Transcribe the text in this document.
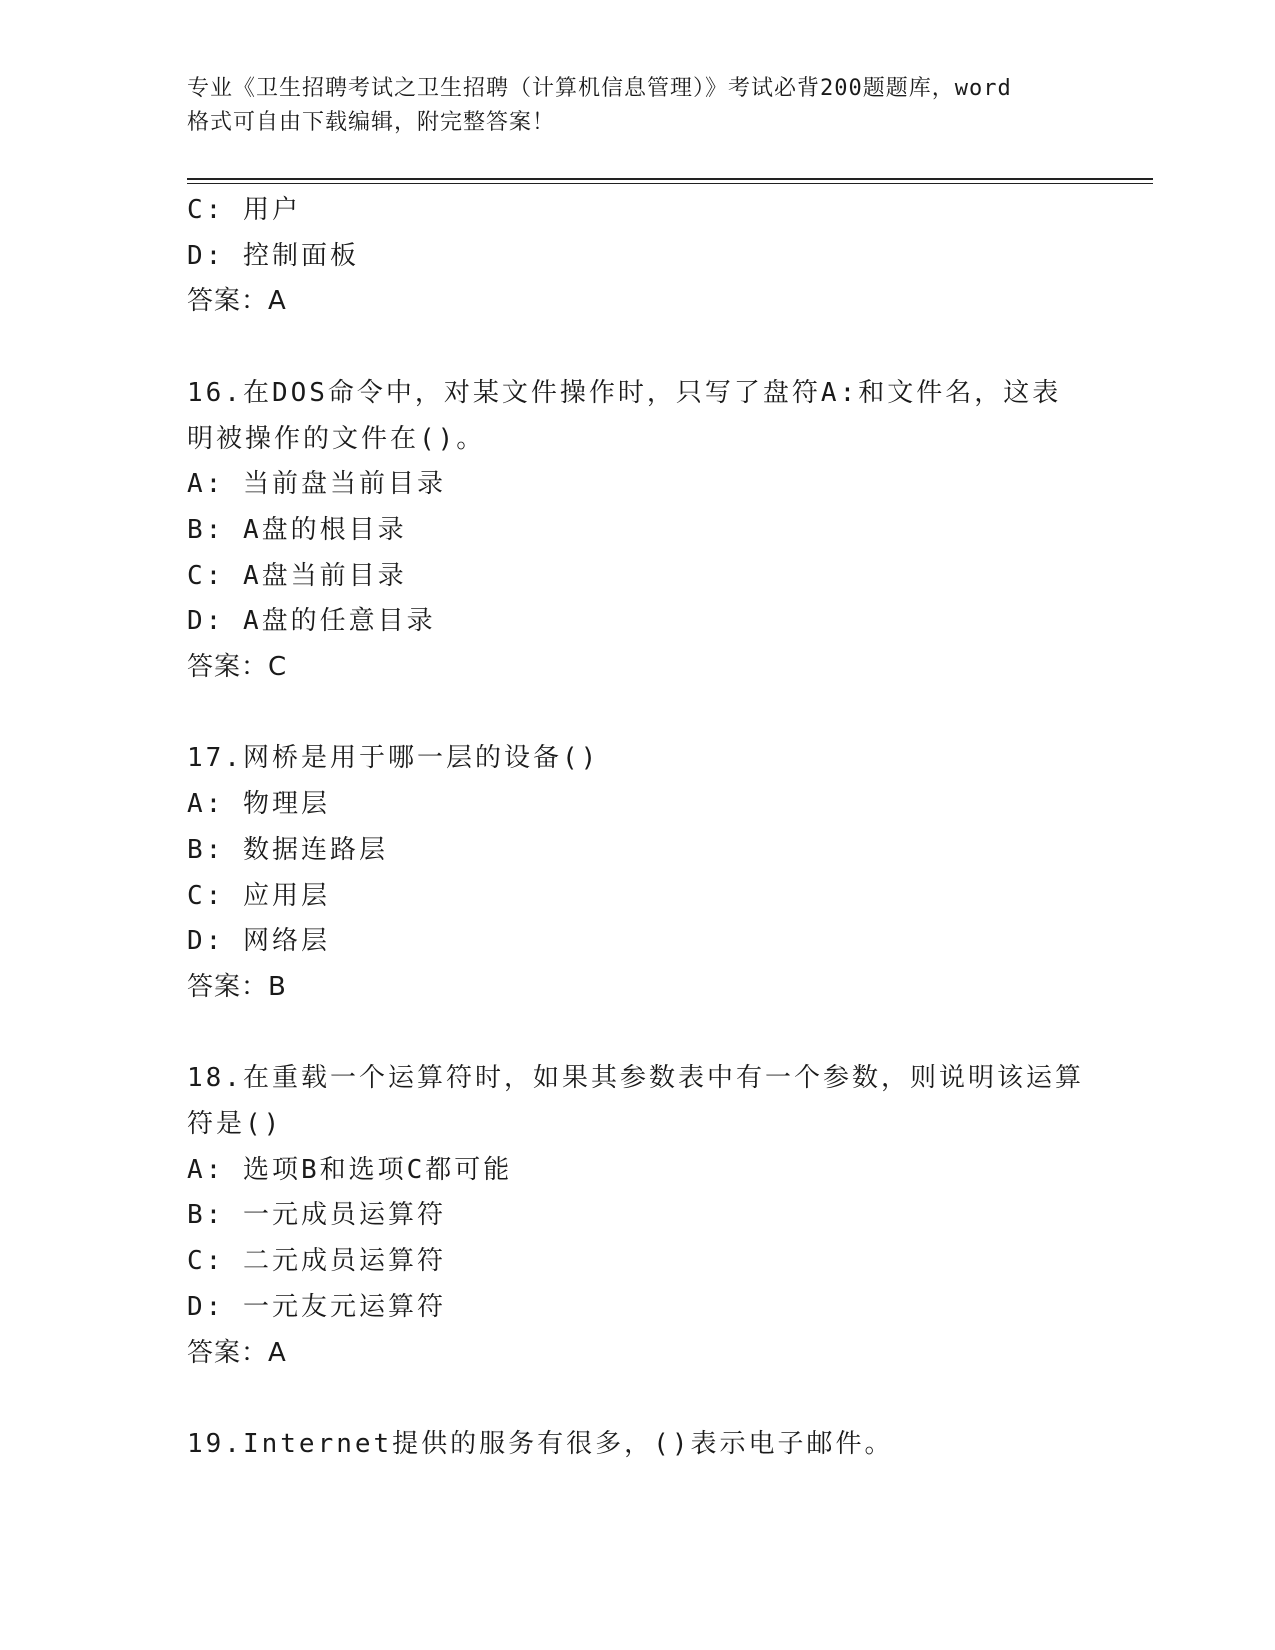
专业《卫生招聘考试之卫生招聘（计算机信息管理）》考试必背200题题库，word
格式可自由下载编辑，附完整答案！
C: 用户
D: 控制面板
答案：A
16.在DOS命令中，对某文件操作时，只写了盘符A:和文件名，这表
明被操作的文件在()。
A: 当前盘当前目录
B: A盘的根目录
C: A盘当前目录
D: A盘的任意目录
答案：C
17.网桥是用于哪一层的设备()
A: 物理层
B: 数据连路层
C: 应用层
D: 网络层
答案：B
18.在重载一个运算符时，如果其参数表中有一个参数，则说明该运算
符是()
A: 选项B和选项C都可能
B: 一元成员运算符
C: 二元成员运算符
D: 一元友元运算符
答案：A
19.Internet提供的服务有很多，()表示电子邮件。
